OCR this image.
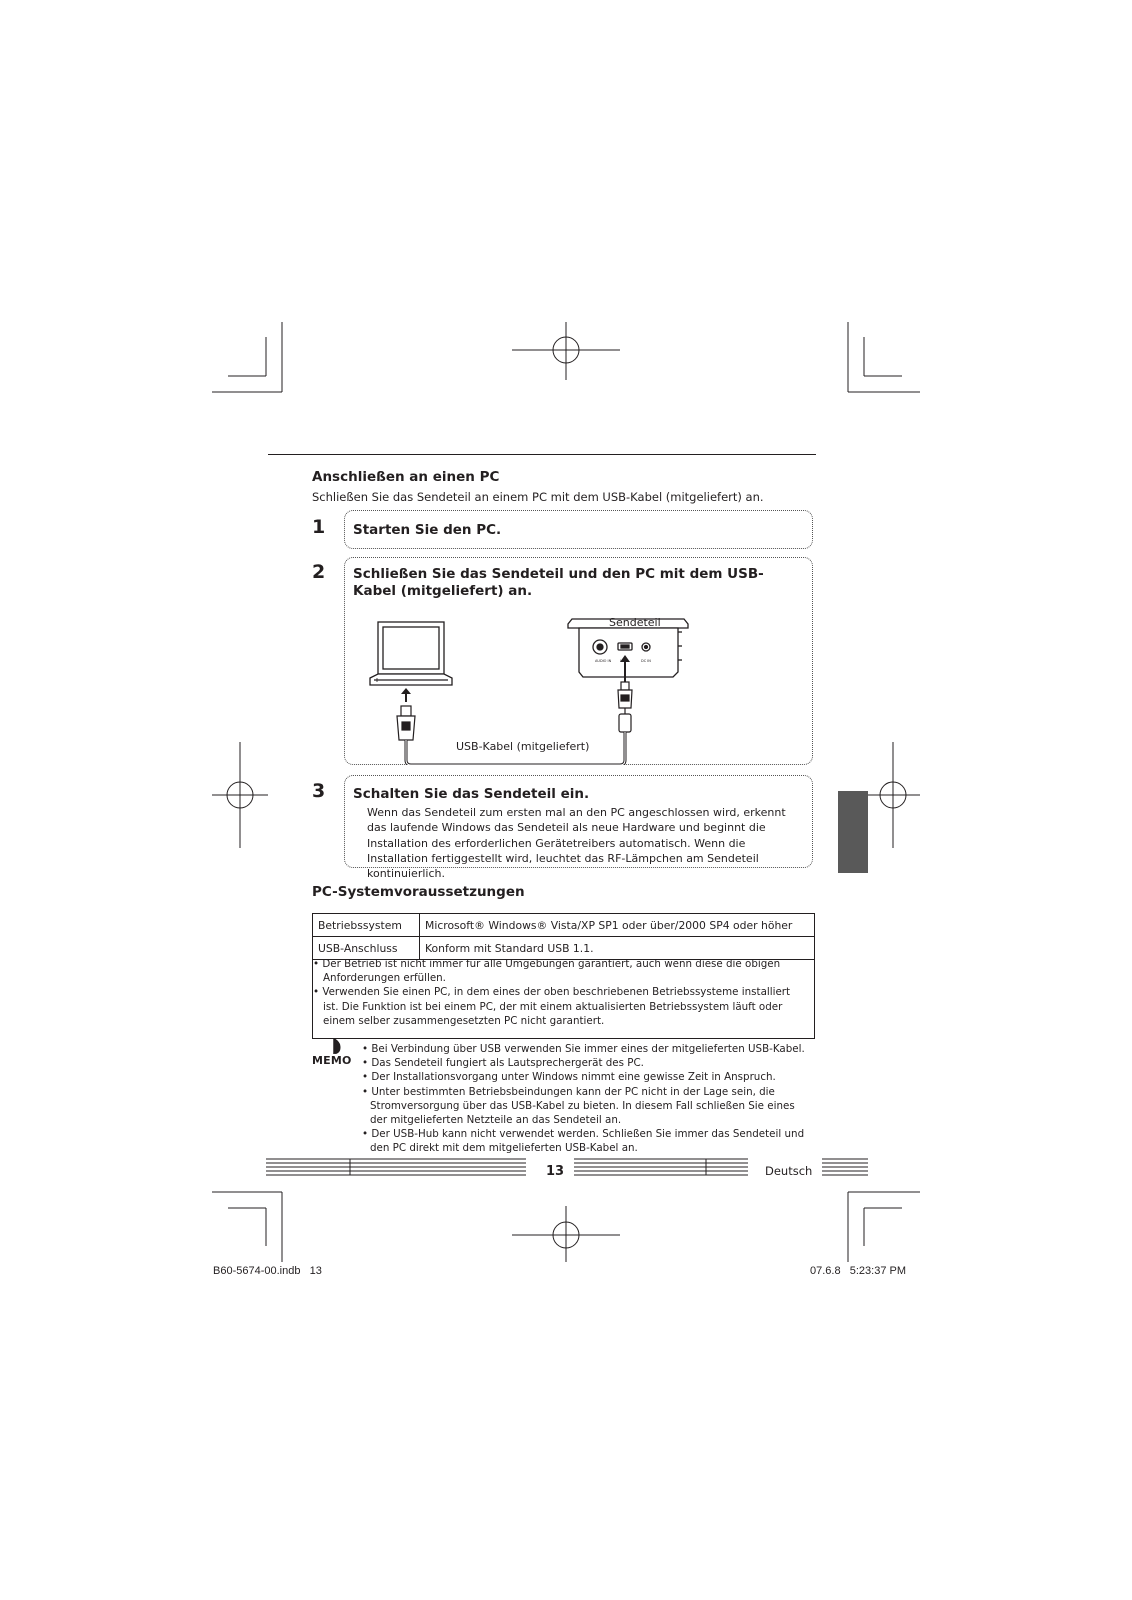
Anschließen an einen PC
Schließen Sie das Sendeteil an einem PC mit dem USB-Kabel (mitgeliefert) an.
1 Starten Sie den PC.
2 Schließen Sie das Sendeteil und den PC mit dem USB-Kabel (mitgeliefert) an.
AUDIO IN	DC IN
Sendeteil
USB-Kabel (mitgeliefert)
3 Schalten Sie das Sendeteil ein.
Wenn das Sendeteil zum ersten mal an den PC angeschlossen wird, erkennt das laufende Windows das Sendeteil als neue Hardware und beginnt die Installation des erforderlichen Gerätetreibers automatisch. Wenn die Installation fertiggestellt wird, leuchtet das RF-Lämpchen am Sendeteil kontinuierlich.
PC-Systemvoraussetzungen
Betriebssystem	Microsoft® Windows® Vista/XP SP1 oder über/2000 SP4 oder höher
USB-Anschluss	Konform mit Standard USB 1.1.

• Der Betrieb ist nicht immer für alle Umgebungen garantiert, auch wenn diese die obigen Anforderungen erfüllen.
• Verwenden Sie einen PC, in dem eines der oben beschriebenen Betriebssysteme installiert ist. Die Funktion ist bei einem PC, der mit einem aktualisierten Betriebssystem läuft oder einem selber zusammengesetzten PC nicht garantiert.
MEMO
• Bei Verbindung über USB verwenden Sie immer eines der mitgelieferten USB-Kabel.
• Das Sendeteil fungiert als Lautsprechergerät des PC.
• Der Installationsvorgang unter Windows nimmt eine gewisse Zeit in Anspruch.
• Unter bestimmten Betriebsbeindungen kann der PC nicht in der Lage sein, die Stromversorgung über das USB-Kabel zu bieten. In diesem Fall schließen Sie eines der mitgelieferten Netzteile an das Sendeteil an.
• Der USB-Hub kann nicht verwendet werden. Schließen Sie immer das Sendeteil und den PC direkt mit dem mitgelieferten USB-Kabel an.
13	Deutsch
B60-5674-00.indb   13	07.6.8   5:23:37 PM
